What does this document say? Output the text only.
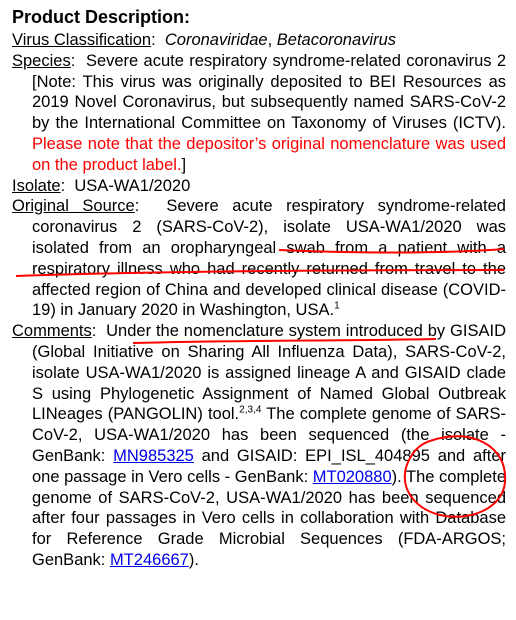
Product Description:

Virus Classification:  Coronaviridae, Betacoronavirus

Species:  Severe acute respiratory syndrome-related coronavirus 2 [Note: This virus was originally deposited to BEI Resources as 2019 Novel Coronavirus, but subsequently named SARS-CoV-2 by the International Committee on Taxonomy of Viruses (ICTV). Please note that the depositor’s original nomenclature was used on the product label.]

Isolate:  USA-WA1/2020

Original Source:  Severe acute respiratory syndrome-related coronavirus 2 (SARS-CoV-2), isolate USA-WA1/2020 was isolated from an oropharyngeal swab from a patient with a respiratory illness who had recently returned from travel to the affected region of China and developed clinical disease (COVID-19) in January 2020 in Washington, USA.$^1$

Comments:  Under the nomenclature system introduced by GISAID (Global Initiative on Sharing All Influenza Data), SARS-CoV-2, isolate USA-WA1/2020 is assigned lineage A and GISAID clade S using Phylogenetic Assignment of Named Global Outbreak LINeages (PANGOLIN) tool.$^{2,3,4}$ The complete genome of SARS-CoV-2, USA-WA1/2020 has been sequenced (the isolate - GenBank: MN985325 and GISAID: EPI_ISL_404895 and after one passage in Vero cells - GenBank: MT020880). The complete genome of SARS-CoV-2, USA-WA1/2020 has been sequenced after four passages in Vero cells in collaboration with Database for Reference Grade Microbial Sequences (FDA-ARGOS; GenBank: MT246667).
